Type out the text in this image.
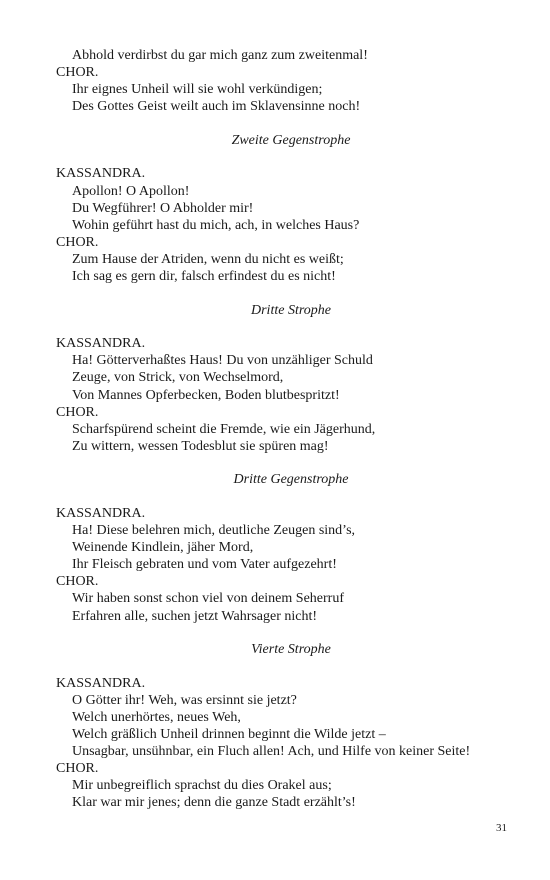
Abhold verdirbst du gar mich ganz zum zweitenmal!
CHOR.
Ihr eignes Unheil will sie wohl verkündigen;
Des Gottes Geist weilt auch im Sklavensinne noch!
Zweite Gegenstrophe
KASSANDRA.
Apollon! O Apollon!
Du Wegführer! O Abholder mir!
Wohin geführt hast du mich, ach, in welches Haus?
CHOR.
Zum Hause der Atriden, wenn du nicht es weißt;
Ich sag es gern dir, falsch erfindest du es nicht!
Dritte Strophe
KASSANDRA.
Ha! Götterverhaßtes Haus! Du von unzähliger Schuld
Zeuge, von Strick, von Wechselmord,
Von Mannes Opferbecken, Boden blutbespritzt!
CHOR.
Scharfspürend scheint die Fremde, wie ein Jägerhund,
Zu wittern, wessen Todesblut sie spüren mag!
Dritte Gegenstrophe
KASSANDRA.
Ha! Diese belehren mich, deutliche Zeugen sind’s,
Weinende Kindlein, jäher Mord,
Ihr Fleisch gebraten und vom Vater aufgezehrt!
CHOR.
Wir haben sonst schon viel von deinem Seherruf
Erfahren alle, suchen jetzt Wahrsager nicht!
Vierte Strophe
KASSANDRA.
O Götter ihr! Weh, was ersinnt sie jetzt?
Welch unerhörtes, neues Weh,
Welch gräßlich Unheil drinnen beginnt die Wilde jetzt –
Unsagbar, unsühnbar, ein Fluch allen! Ach, und Hilfe von keiner Seite!
CHOR.
Mir unbegreiflich sprachst du dies Orakel aus;
Klar war mir jenes; denn die ganze Stadt erzählt’s!
31
